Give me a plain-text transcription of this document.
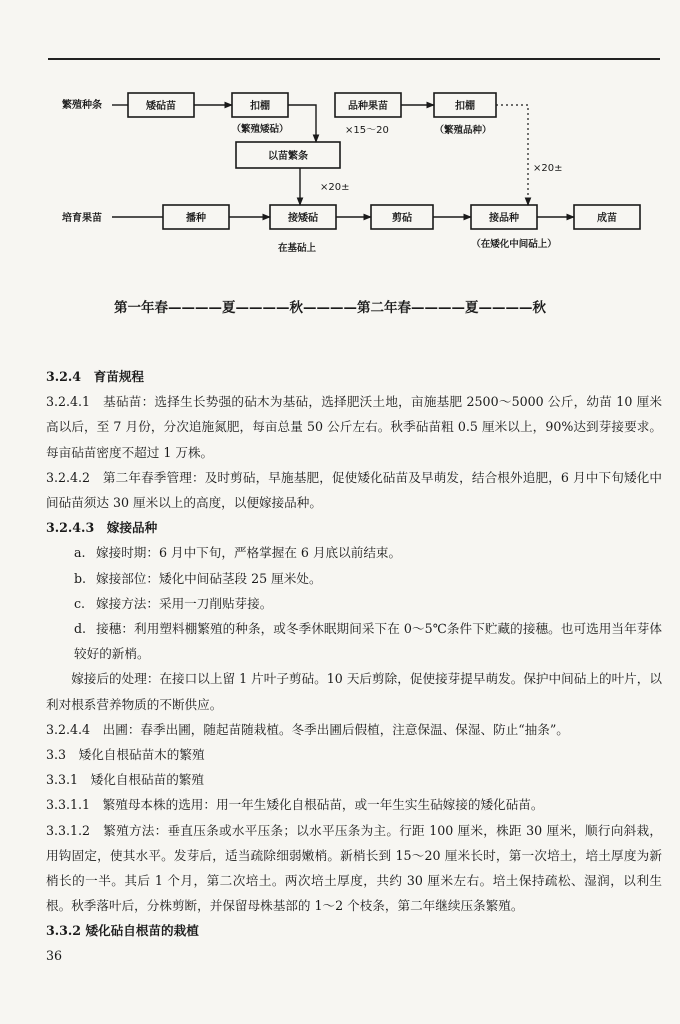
繁殖种条
培育果苗
矮砧苗	扣棚
（繁殖矮砧）
品种果苗
×15～20
扣棚
（繁殖品种）
以苗繁条
×20±
×20±
播种	接矮砧
在基砧上
剪砧	接品种
（在矮化中间砧上）
成苗
第一年春————夏————秋————第二年春————夏————秋

3.2.4　育苗规程

3.2.4.1　基砧苗：选择生长势强的砧木为基砧，选择肥沃土地，亩施基肥 2500～5000 公斤，幼苗 10 厘米高以后，至 7 月份，分次追施氮肥，每亩总量 50 公斤左右。秋季砧苗粗 0.5 厘米以上，90%达到芽接要求。每亩砧苗密度不超过 1 万株。

3.2.4.2　第二年春季管理：及时剪砧，早施基肥，促使矮化砧苗及早萌发，结合根外追肥，6 月中下旬矮化中间砧苗须达 30 厘米以上的高度，以便嫁接品种。

3.2.4.3　嫁接品种

a. 嫁接时期：6 月中下旬，严格掌握在 6 月底以前结束。

b. 嫁接部位：矮化中间砧茎段 25 厘米处。

c. 嫁接方法：采用一刀削贴芽接。

d. 接穗：利用塑料棚繁殖的种条，或冬季休眠期间采下在 0～5℃条件下贮藏的接穗。也可选用当年芽体较好的新梢。

嫁接后的处理：在接口以上留 1 片叶子剪砧。10 天后剪除，促使接芽提早萌发。保护中间砧上的叶片，以利对根系营养物质的不断供应。

3.2.4.4　出圃：春季出圃，随起苗随栽植。冬季出圃后假植，注意保温、保湿、防止“抽条”。

3.3　矮化自根砧苗木的繁殖

3.3.1　矮化自根砧苗的繁殖

3.3.1.1　繁殖母本株的选用：用一年生矮化自根砧苗，或一年生实生砧嫁接的矮化砧苗。

3.3.1.2　繁殖方法：垂直压条或水平压条；以水平压条为主。行距 100 厘米，株距 30 厘米，顺行向斜栽，用钩固定，使其水平。发芽后，适当疏除细弱嫩梢。新梢长到 15～20 厘米长时，第一次培土，培土厚度为新梢长的一半。其后 1 个月，第二次培土。两次培土厚度，共约 30 厘米左右。培土保持疏松、湿润，以利生根。秋季落叶后，分株剪断，并保留母株基部的 1～2 个枝条，第二年继续压条繁殖。

3.3.2 矮化砧自根苗的栽植

36
